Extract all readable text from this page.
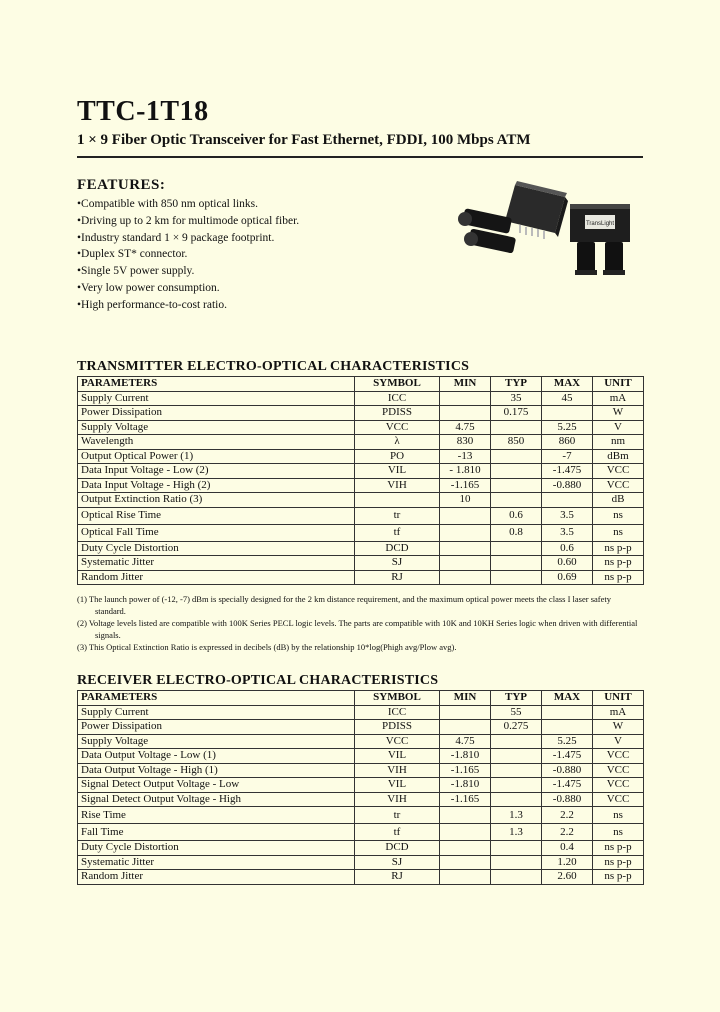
TTC-1T18
1 × 9 Fiber Optic Transceiver for Fast Ethernet, FDDI, 100 Mbps ATM
FEATURES:
• Compatible with 850 nm optical links.
• Driving up to 2 km for multimode optical fiber.
• Industry standard 1 × 9 package footprint.
• Duplex ST* connector.
• Single 5V power supply.
• Very low power consumption.
• High performance-to-cost ratio.
TransLight
TRANSMITTER ELECTRO-OPTICAL CHARACTERISTICS
PARAMETERS	SYMBOL	MIN	TYP	MAX	UNIT
Supply Current	ICC		35	45	mA
Power Dissipation	PDISS		0.175		W
Supply Voltage	VCC	4.75		5.25	V
Wavelength	λ	830	850	860	nm
Output Optical Power (1)	PO	-13		-7	dBm
Data Input Voltage - Low (2)	VIL	- 1.810		-1.475	VCC
Data Input Voltage - High (2)	VIH	-1.165		-0.880	VCC
Output Extinction Ratio (3)		10			dB
Optical Rise Time	tr		0.6	3.5	ns
Optical Fall Time	tf		0.8	3.5	ns
Duty Cycle Distortion	DCD			0.6	ns p-p
Systematic Jitter	SJ			0.60	ns p-p
Random Jitter	RJ			0.69	ns p-p
(1) The launch power of (-12, -7) dBm is specially designed for the 2 km distance requirement, and the maximum optical power meets the class I laser safety standard.
(2) Voltage levels listed are compatible with 100K Series PECL logic levels. The parts are compatible with 10K and 10KH Series logic when driven with differential signals.
(3) This Optical Extinction Ratio is expressed in decibels (dB) by the relationship 10*log(Phigh avg/Plow avg).
RECEIVER ELECTRO-OPTICAL CHARACTERISTICS
PARAMETERS	SYMBOL	MIN	TYP	MAX	UNIT
Supply Current	ICC		55		mA
Power Dissipation	PDISS		0.275		W
Supply Voltage	VCC	4.75		5.25	V
Data Output Voltage - Low (1)	VIL	-1.810		-1.475	VCC
Data Output Voltage - High (1)	VIH	-1.165		-0.880	VCC
Signal Detect Output Voltage - Low	VIL	-1.810		-1.475	VCC
Signal Detect Output Voltage - High	VIH	-1.165		-0.880	VCC
Rise Time	tr		1.3	2.2	ns
Fall Time	tf		1.3	2.2	ns
Duty Cycle Distortion	DCD			0.4	ns p-p
Systematic Jitter	SJ			1.20	ns p-p
Random Jitter	RJ			2.60	ns p-p
